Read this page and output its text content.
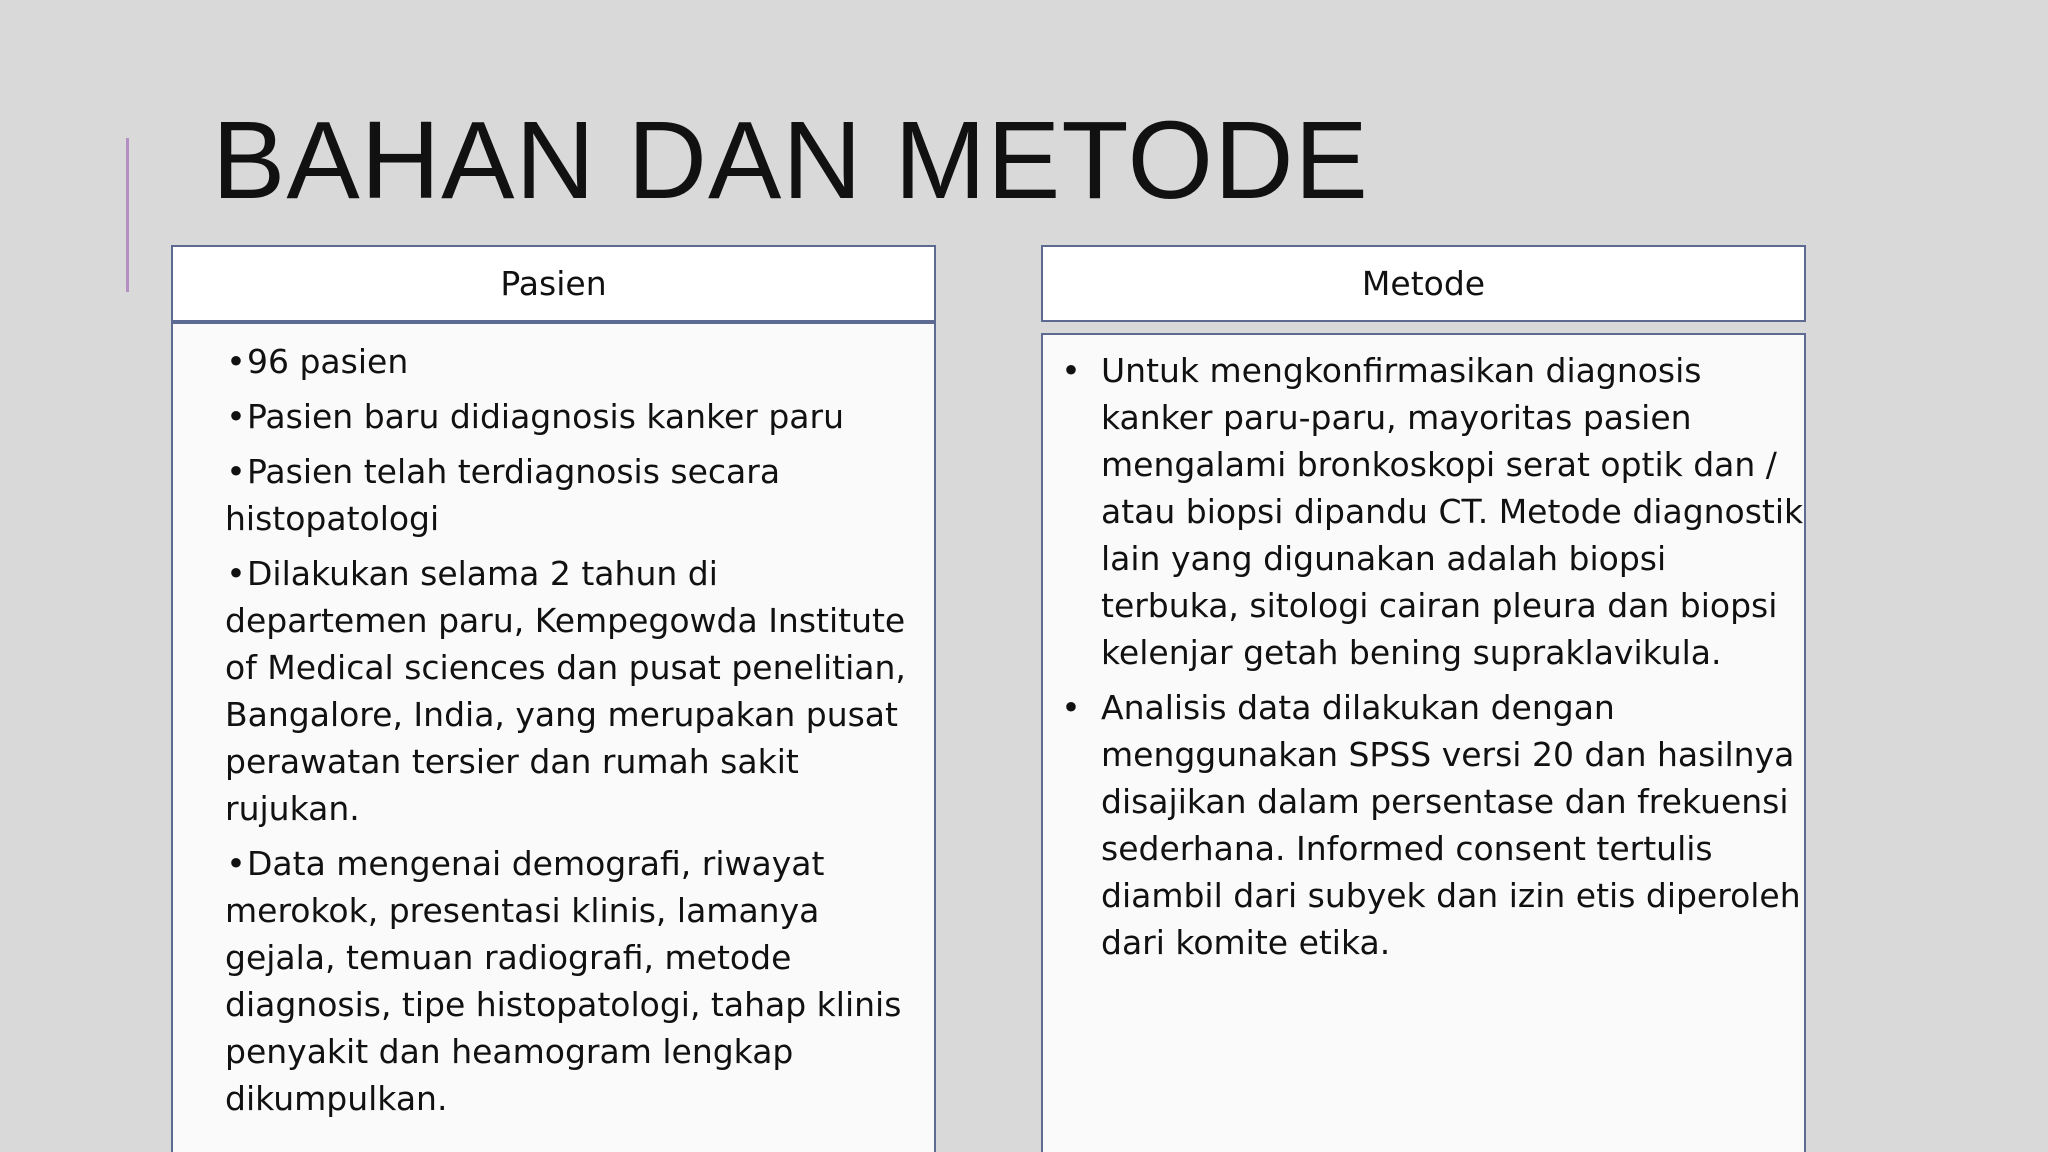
BAHAN DAN METODE
Pasien
•96 pasien
•Pasien baru didiagnosis kanker paru
•Pasien telah terdiagnosis secara histopatologi
•Dilakukan selama 2 tahun di departemen paru, Kempegowda Institute of Medical sciences dan pusat penelitian, Bangalore, India, yang merupakan pusat perawatan tersier dan rumah sakit rujukan.
•Data mengenai demografi, riwayat merokok, presentasi klinis, lamanya gejala, temuan radiografi, metode diagnosis, tipe histopatologi, tahap klinis penyakit dan heamogram lengkap dikumpulkan.
Metode
• Untuk mengkonfirmasikan diagnosis kanker paru-paru, mayoritas pasien mengalami bronkoskopi serat optik dan / atau biopsi dipandu CT. Metode diagnostik lain yang digunakan adalah biopsi terbuka, sitologi cairan pleura dan biopsi kelenjar getah bening supraklavikula.
• Analisis data dilakukan dengan menggunakan SPSS versi 20 dan hasilnya disajikan dalam persentase dan frekuensi sederhana. Informed consent tertulis diambil dari subyek dan izin etis diperoleh dari komite etika.
